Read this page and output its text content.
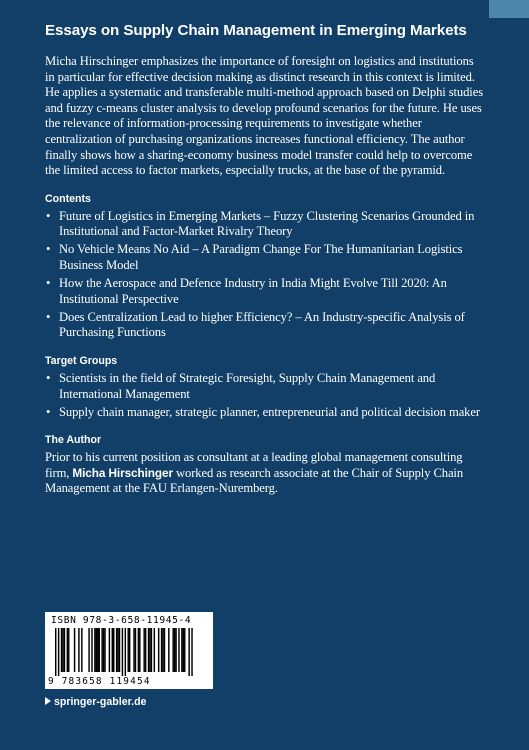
Essays on Supply Chain Management in Emerging Markets

Micha Hirschinger emphasizes the importance of foresight on logistics and institutions in particular for effective decision making as distinct research in this context is limited. He applies a systematic and transferable multi-method approach based on Delphi studies and fuzzy c-means cluster analysis to develop profound scenarios for the future. He uses the relevance of information-processing requirements to investigate whether centralization of purchasing organizations increases functional efficiency. The author finally shows how a sharing-economy business model transfer could help to overcome the limited access to factor markets, especially trucks, at the base of the pyramid.

Contents
• Future of Logistics in Emerging Markets – Fuzzy Clustering Scenarios Grounded in Institutional and Factor-Market Rivalry Theory
• No Vehicle Means No Aid – A Paradigm Change For The Humanitarian Logistics Business Model
• How the Aerospace and Defence Industry in India Might Evolve Till 2020: An Institutional Perspective
• Does Centralization Lead to higher Efficiency? – An Industry-specific Analysis of Purchasing Functions
Target Groups
• Scientists in the field of Strategic Foresight, Supply Chain Management and International Management
• Supply chain manager, strategic planner, entrepreneurial and political decision maker
The Author

Prior to his current position as consultant at a leading global management consulting firm, Micha Hirschinger worked as research associate at the Chair of Supply Chain Management at the FAU Erlangen-Nuremberg.

ISBN 978-3-658-11945-4
9 783658 119454
springer-gabler.de
